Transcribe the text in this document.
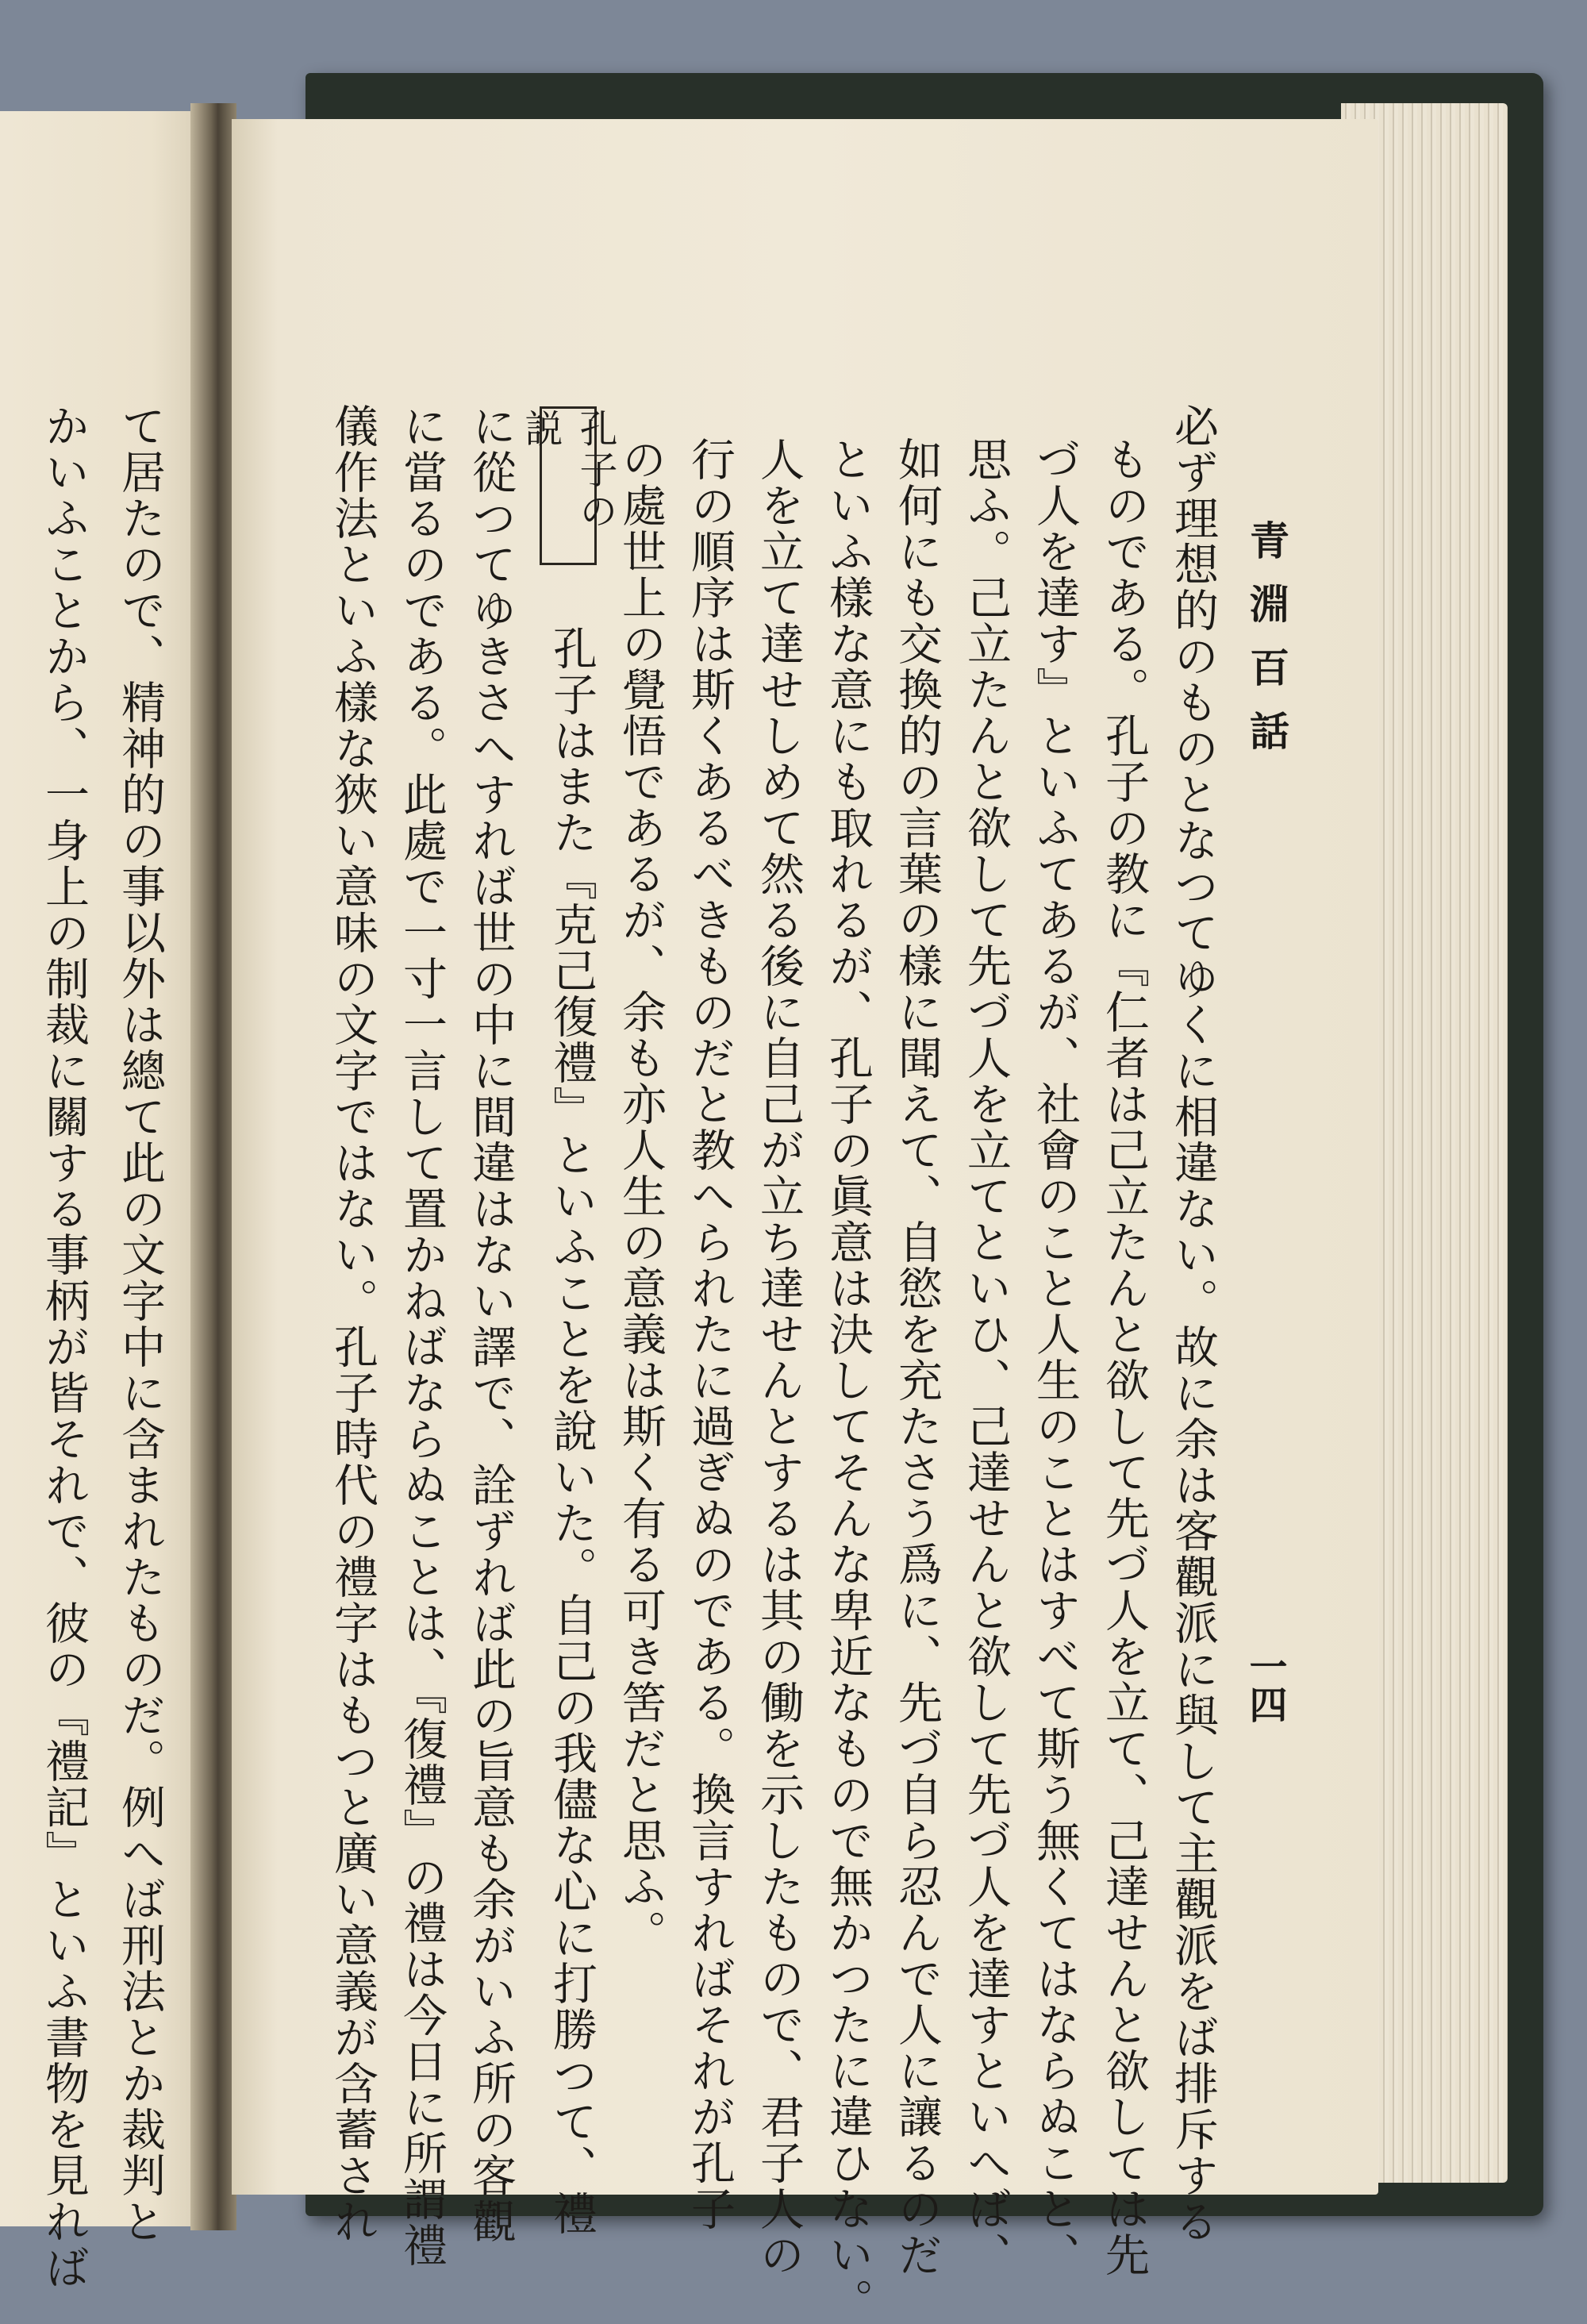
青淵百話
一四
必ず理想的のものとなつてゆくに相違ない。故に余は客觀派に與して主觀派をば排斥する
ものである。孔子の教に『仁者は己立たんと欲して先づ人を立て、己達せんと欲しては先
づ人を達す』といふてあるが、社會のこと人生のことはすべて斯う無くてはならぬこと、
思ふ。己立たんと欲して先づ人を立てといひ、己達せんと欲して先づ人を達すといへば、
如何にも交換的の言葉の樣に聞えて、自慾を充たさう爲に、先づ自ら忍んで人に讓るのだ
といふ樣な意にも取れるが、孔子の眞意は決してそんな卑近なもので無かつたに違ひない。
人を立て達せしめて然る後に自己が立ち達せんとするは其の働を示したもので、君子人の
行の順序は斯くあるべきものだと教へられたに過ぎぬのである。換言すればそれが孔子
の處世上の覺悟であるが、余も亦人生の意義は斯く有る可き筈だと思ふ。
孔子の説
孔子はまた『克己復禮』といふことを說いた。自己の我儘な心に打勝つて、禮
に從つてゆきさへすれば世の中に間違はない譯で、詮ずれば此の旨意も余がいふ所の客觀
に當るのである。此處で一寸一言して置かねばならぬことは、『復禮』の禮は今日に所謂禮
儀作法といふ樣な狹い意味の文字ではない。孔子時代の禮字はもつと廣い意義が含蓄され
て居たので、精神的の事以外は總て此の文字中に含まれたものだ。例へば刑法とか裁判と
かいふことから、一身上の制裁に關する事柄が皆それで、彼の『禮記』といふ書物を見れば
